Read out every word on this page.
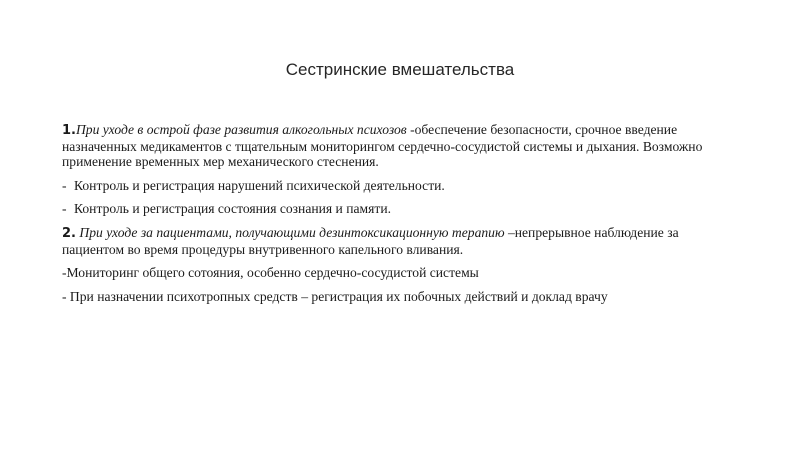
Сестринские вмешательства

1.При уходе в острой фазе развития алкогольных психозов -обеспечение безопасности, срочное введение назначенных медикаментов с тщательным мониторингом сердечно-сосудистой системы и дыхания. Возможно применение временных мер механического стеснения.

- Контроль и регистрация нарушений психической деятельности.

- Контроль и регистрация состояния сознания и памяти.

2. При уходе за пациентами, получающими дезинтоксикационную терапию –непрерывное наблюдение за пациентом во время процедуры внутривенного капельного вливания.

-Мониторинг общего сотояния, особенно сердечно-сосудистой системы

- При назначении психотропных средств – регистрация их побочных действий и доклад врачу
